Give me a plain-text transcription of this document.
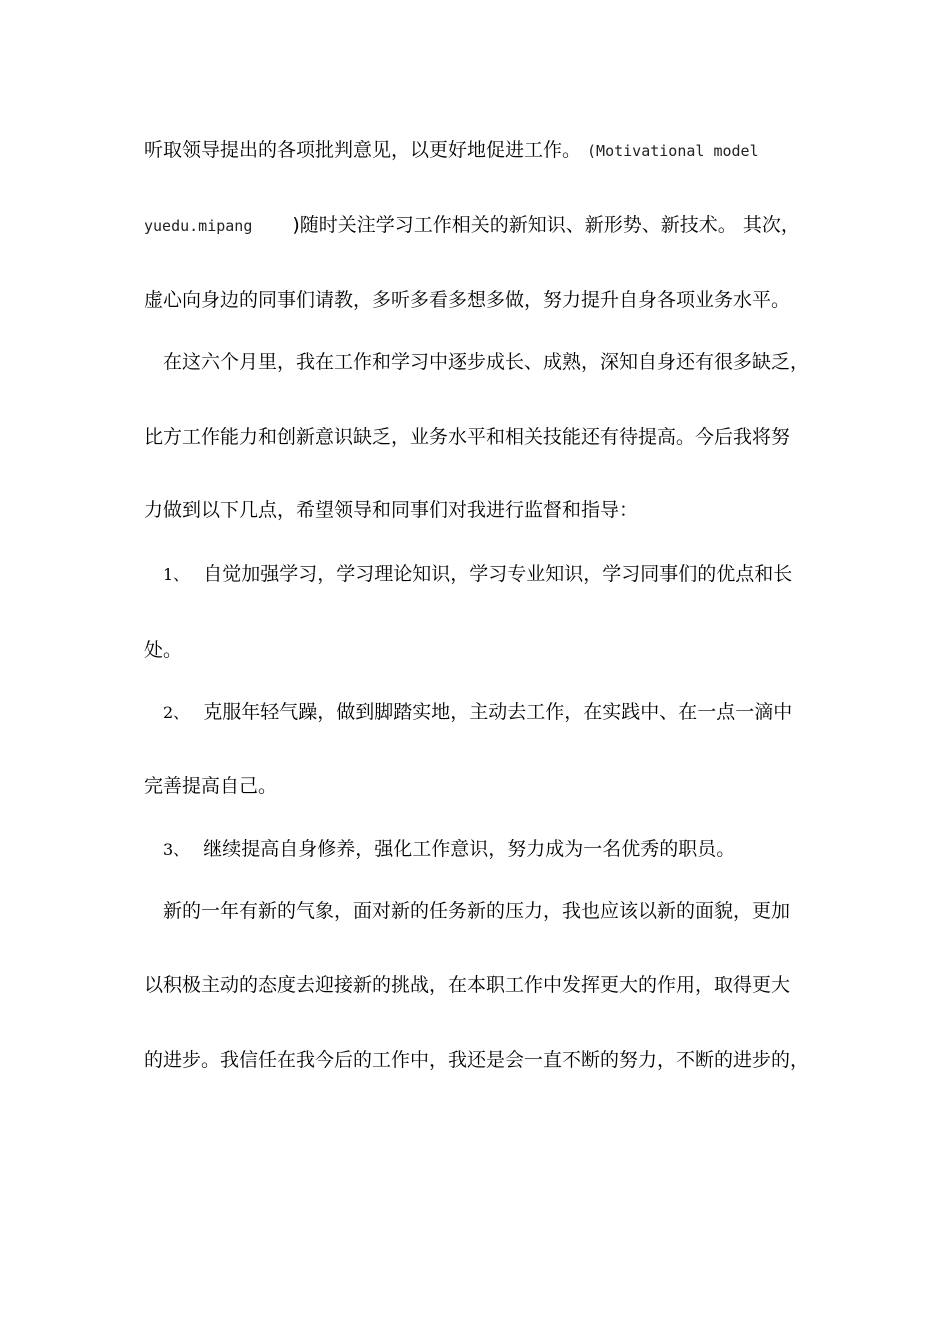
听取领导提出的各项批判意见，以更好地促进工作。 (Motivational model
yuedu.mipang )随时关注学习工作相关的新知识、新形势、新技术。 其次，
虚心向身边的同事们请教，多听多看多想多做，努力提升自身各项业务水平。
在这六个月里，我在工作和学习中逐步成长、成熟，深知自身还有很多缺乏，
比方工作能力和创新意识缺乏，业务水平和相关技能还有待提高。今后我将努
力做到以下几点，希望领导和同事们对我进行监督和指导：
1、 自觉加强学习，学习理论知识，学习专业知识，学习同事们的优点和长
处。
2、 克服年轻气躁，做到脚踏实地，主动去工作，在实践中、在一点一滴中
完善提高自己。
3、 继续提高自身修养，强化工作意识，努力成为一名优秀的职员。
新的一年有新的气象，面对新的任务新的压力，我也应该以新的面貌，更加
以积极主动的态度去迎接新的挑战，在本职工作中发挥更大的作用，取得更大
的进步。我信任在我今后的工作中，我还是会一直不断的努力，不断的进步的，
